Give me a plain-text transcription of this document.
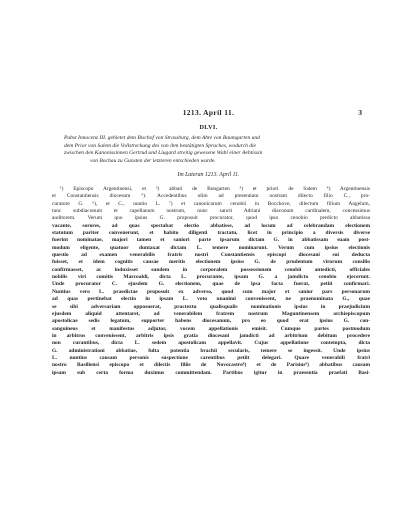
1213. April 11.	3
DLVI.
Pabst Innocenz III. gebietet dem Bischof von Strassburg, dem Abte von Baumgarten und
dem Prior von Salem die Vollstreckung des von ihm bestätigten Spruches, wodurch die
zwischen den Kanonissinnen Gertrud und Liugard streitig gewesene Wahl einer Aebtissin
von Bochau zu Gunsten der letzteren entschieden wurde.
Im Lateran 1213. April 11.
¹) Episcopo Argentinensi, et ²) abbati de Bongarten ³) et priori de Salem ⁴) Argentinensis
et Constantiensis diocesum ⁵). Accedentibus olim ad presentiam nostram dilecto filio C., pro-
curatore G. ⁶), et C., nuntio L. ⁷) et canonicarum cenobii in Bocchove, dilectum filium Angelum,
tunc subdiaconum et capellanum nostrum, nunc sancti Adriani diaconum cardinalem, concessimus
auditorem. Verum quo ipsius G. proposuit procurator, quod ipso cenobio predicto abbatissa
vacante, sorores, ad quas spectabat electio abbatisse, ad locum ad celebrandam electionem
statutum pariter convenerunt, et habito diligenti tractatu, licet in principio a diversis diverse
fuerint nominatae, majori tamen et saniori parte ipsarum dictam G. in abbatissam suam post-
modum eligente, quatuor duntaxat dictam L. temere nominarunt. Verum cum ipsius electionis
questio ad examen venerabilis fratris nostri Constantiensis episcopi diocesani sui deducta
fuisset, et idem cognitis causae meritis electionem ipsius G. de prudentum virorum consilio
confirmasset, ac induxisset eandem in corporalem possessionem cenobii antedicti, officiales
nobilis viri comitis Marcoaldi, dicta L. procurante, ipsam G. a jamdicto cenobio ejecerunt.
Unde procurator C. ejusdem G. electionem, quae de ipsa facta fuerat, petiit confirmari.
Nuntius vero L. praedictae proposuit ex adverso, quod cum major et sanior pars personarum
ad quas pertinebat electio in ipsam L. voto unanimi convenissent, ne praenominata G., quae
se sibi adversariam opposuerat, practextu qualisqualis nominationis ipsius in praejudicium
ejusdem aliquid attentaret, ad venerabilem fratrem nostrum Maguntinensem archiepiscopum
apostolicae sedis legatum, supporter habens diocesanum, pro eo quod erat ipsius G. con-
sanguineus et manifestus adjutor, vocem appellationis emisit. Cumque partes postmodum
in arbitros convenissent, arbitris ipsis gratia diocesani jamdicti ad arbitrium debitum procedere
non curantibus, dicta L. sedem apostolicam appellavit. Cujus appellatione contempta, dicta
G. administrationi abbatiae, fulta potentia brachii secularis, temere se ingessit. Unde ipsius
L. nuntius causam personis suspectione carentibus petiit delegari. Quare venerabili fratri
nostro Basiliensi episcopo et dilectis filiis de Novocastro⁸) et de Parisius⁹) abbatibus causam
ipsam sub certa forma duximus committendam. Partibus igitur in praesentia praefati Basi-
